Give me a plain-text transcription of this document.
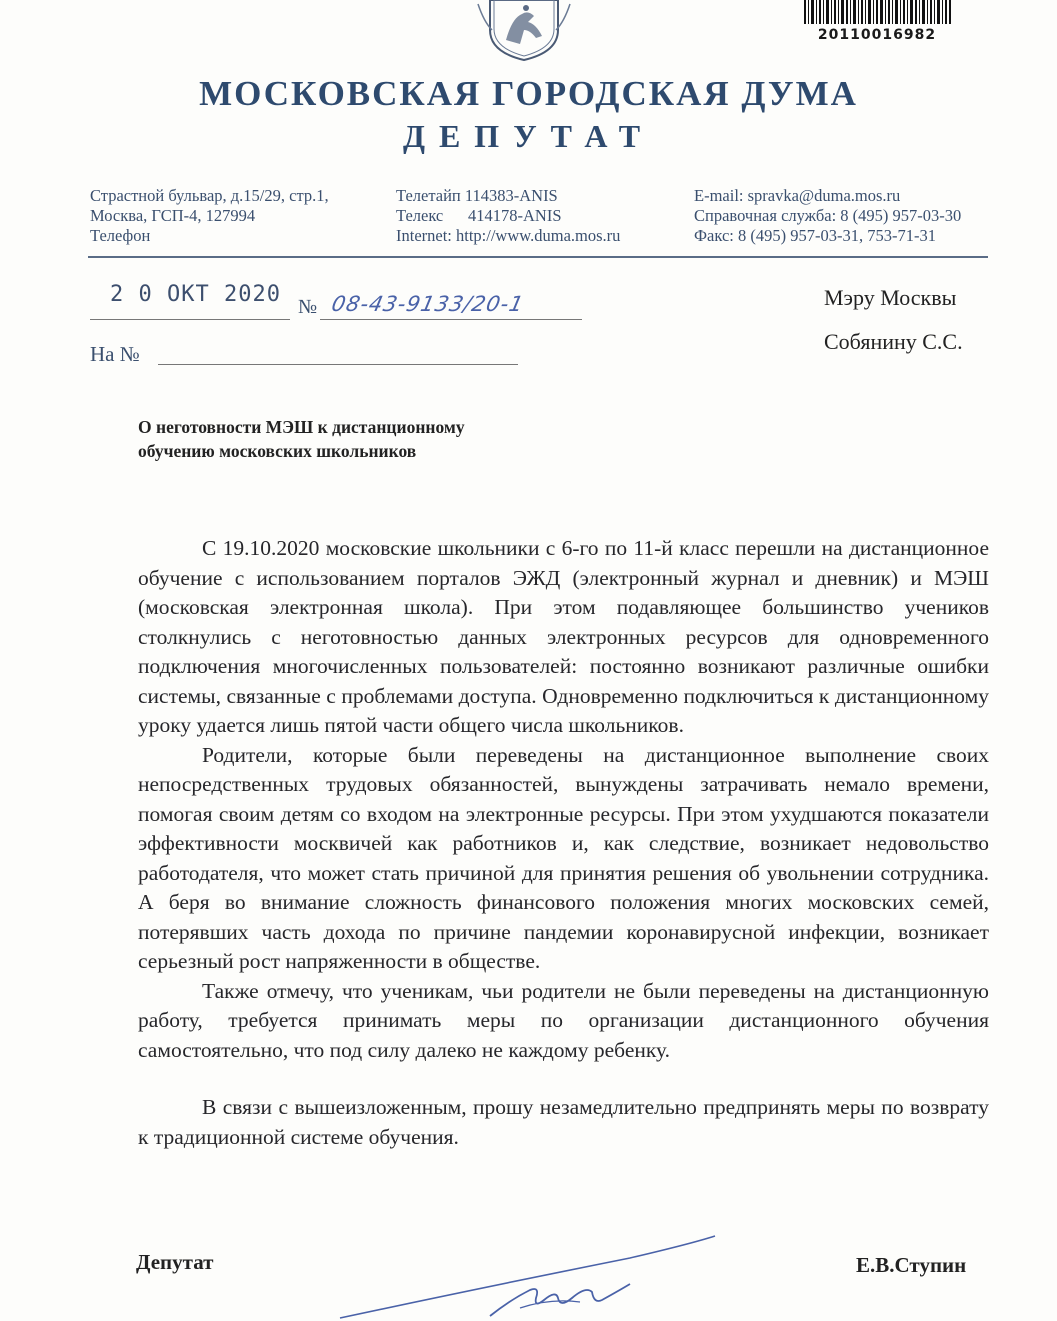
20110016982
МОСКОВСКАЯ ГОРОДСКАЯ ДУМА
ДЕПУТАТ
Страстной бульвар, д.15/29, стр.1,
Москва, ГСП-4, 127994
Телефон
Телетайп 114383-ANIS
Телекс      414178-ANIS
Internet: http://www.duma.mos.ru
E-mail: spravka@duma.mos.ru
Справочная служба: 8 (495) 957-03-30
Факс: 8 (495) 957-03-31, 753-71-31
2 0 OKT 2020 № 08-43-9133/20-1
На №
Мэру Москвы
Собянину С.С.
О неготовности МЭШ к дистанционному
обучению московских школьников

С 19.10.2020 московские школьники с 6-го по 11-й класс перешли на дистанционное обучение с использованием порталов ЭЖД (электронный журнал и дневник) и МЭШ (московская электронная школа). При этом подавляющее большинство учеников столкнулись с неготовностью данных электронных ресурсов для одновременного подключения многочисленных пользователей: постоянно возникают различные ошибки системы, связанные с проблемами доступа. Одновременно подключиться к дистанционному уроку удается лишь пятой части общего числа школьников.

Родители, которые были переведены на дистанционное выполнение своих непосредственных трудовых обязанностей, вынуждены затрачивать немало времени, помогая своим детям со входом на электронные ресурсы. При этом ухудшаются показатели эффективности москвичей как работников и, как следствие, возникает недовольство работодателя, что может стать причиной для принятия решения об увольнении сотрудника. А беря во внимание сложность финансового положения многих московских семей, потерявших часть дохода по причине пандемии коронавирусной инфекции, возникает серьезный рост напряженности в обществе.

Также отмечу, что ученикам, чьи родители не были переведены на дистанционную работу, требуется принимать меры по организации дистанционного обучения самостоятельно, что под силу далеко не каждому ребенку.

В связи с вышеизложенным, прошу незамедлительно предпринять меры по возврату к традиционной системе обучения.

Депутат	Е.В.Ступин
